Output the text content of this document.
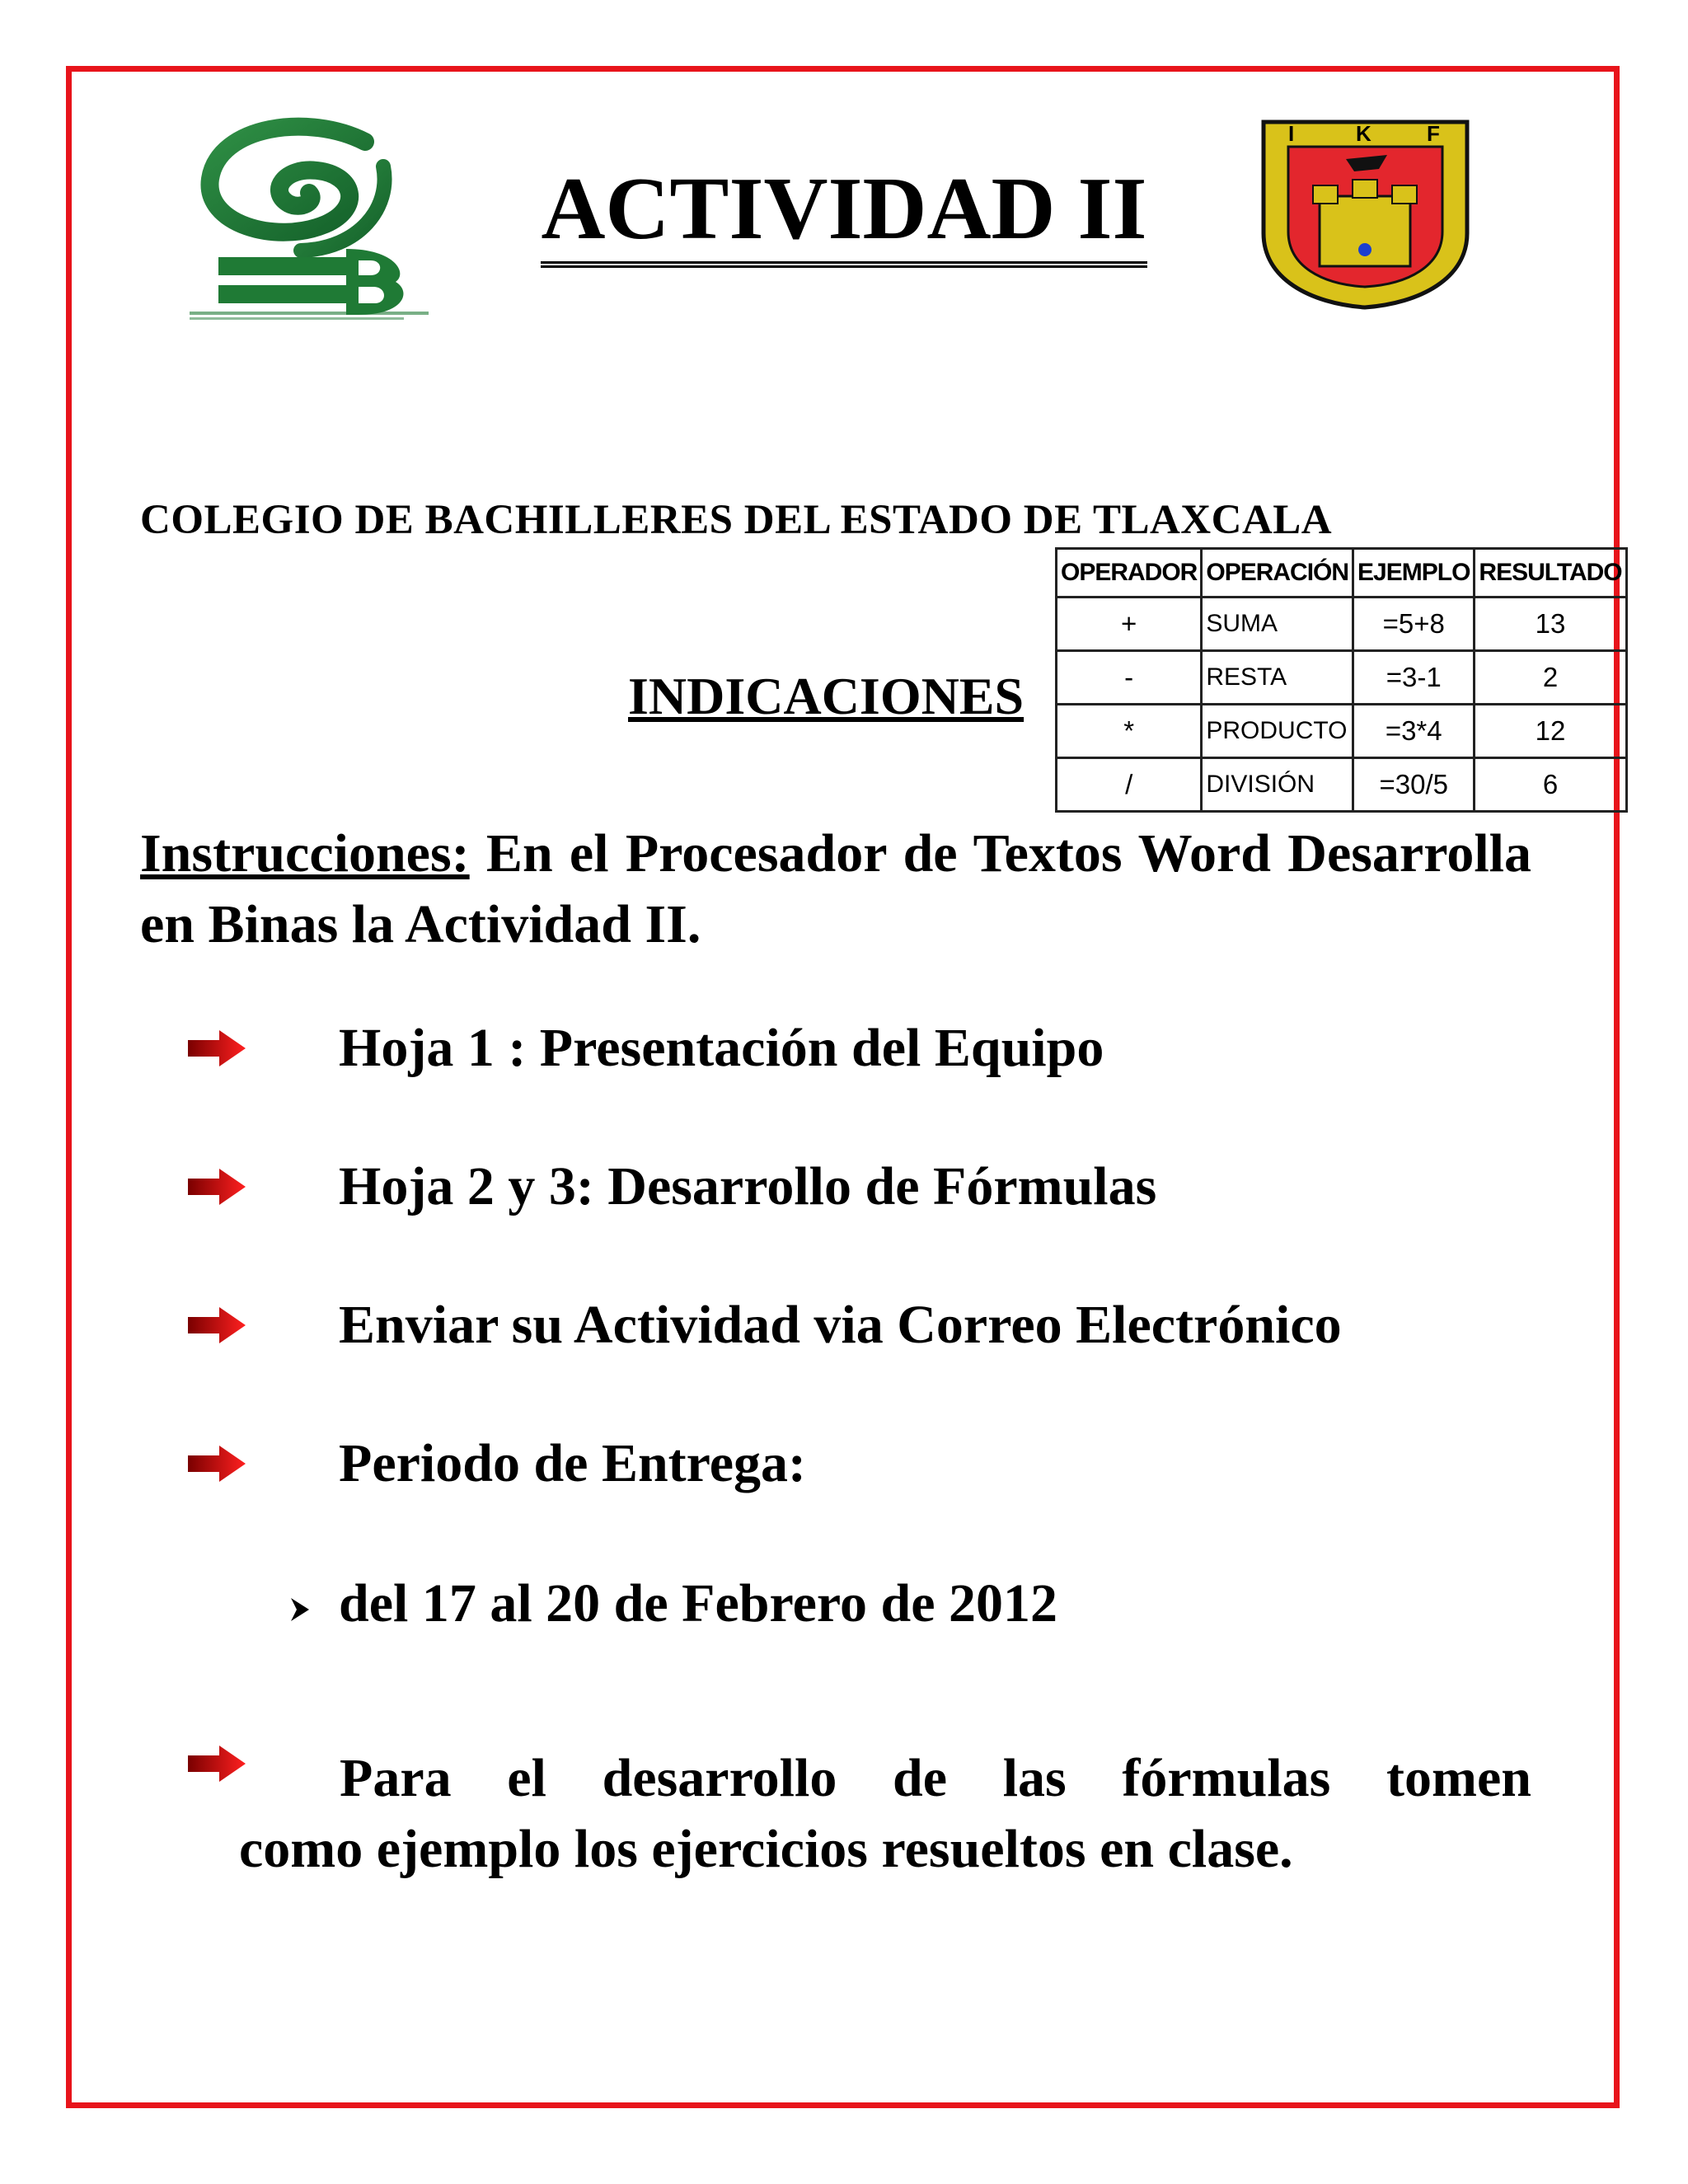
ACTIVIDAD II
I	K	F
COLEGIO DE BACHILLERES DEL ESTADO DE TLAXCALA
OPERADOR	OPERACIÓN	EJEMPLO	RESULTADO
+	SUMA	=5+8	13
-	RESTA	=3-1	2
*	PRODUCTO	=3*4	12
/	DIVISIÓN	=30/5	6
INDICACIONES
Instrucciones: En el Procesador de Textos Word Desarrolla en Binas la Actividad II.
Hoja 1 : Presentación del Equipo
Hoja 2 y 3: Desarrollo de Fórmulas
Enviar su Actividad via Correo Electrónico
Periodo de Entrega:
del 17 al 20 de Febrero de 2012
Para el desarrollo de las fórmulas tomen
como ejemplo los ejercicios resueltos en clase.
